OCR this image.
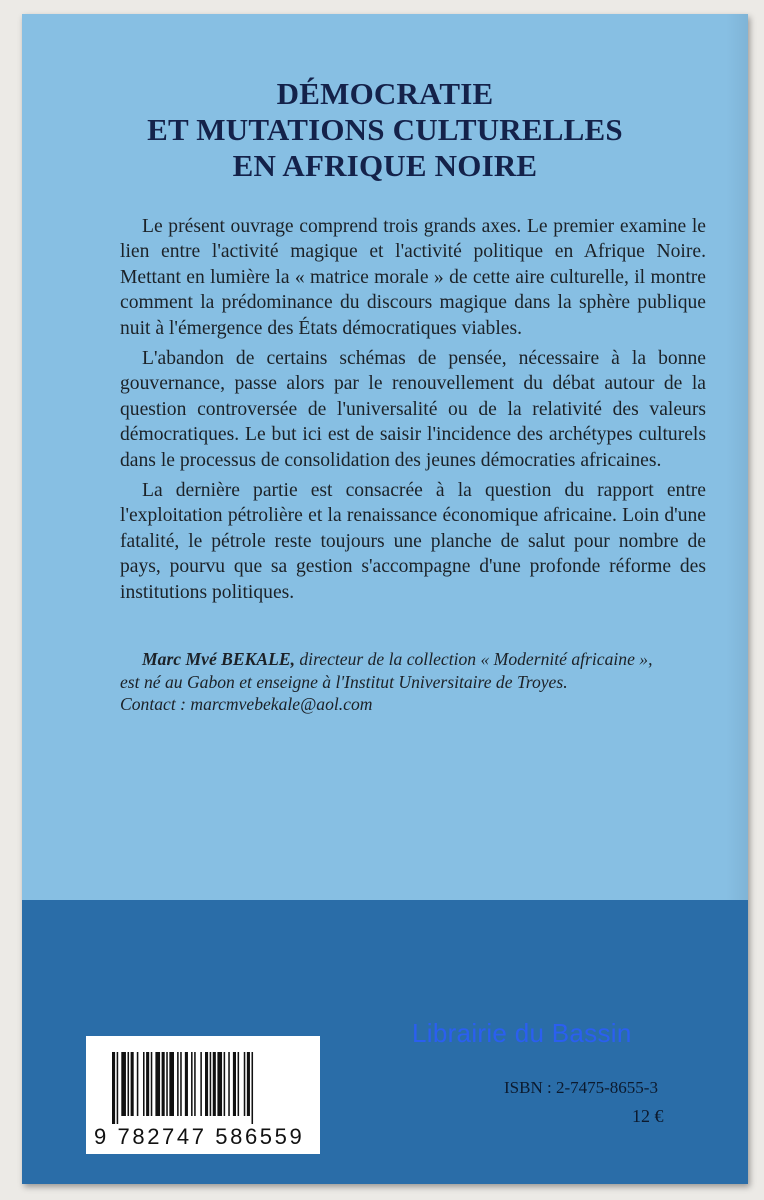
DÉMOCRATIE
ET MUTATIONS CULTURELLES
EN AFRIQUE NOIRE

Le présent ouvrage comprend trois grands axes. Le premier examine le lien entre l'activité magique et l'activité politique en Afrique Noire. Mettant en lumière la « matrice morale » de cette aire culturelle, il montre comment la prédominance du discours magique dans la sphère publique nuit à l'émergence des États démocratiques viables.

L'abandon de certains schémas de pensée, nécessaire à la bonne gouvernance, passe alors par le renouvellement du débat autour de la question controversée de l'universalité ou de la relativité des valeurs démocratiques. Le but ici est de saisir l'incidence des archétypes culturels dans le processus de consolidation des jeunes démocraties africaines.

La dernière partie est consacrée à la question du rapport entre l'exploitation pétrolière et la renaissance économique africaine. Loin d'une fatalité, le pétrole reste toujours une planche de salut pour nombre de pays, pourvu que sa gestion s'accompagne d'une profonde réforme des institutions politiques.

Marc Mvé BEKALE, directeur de la collection « Modernité africaine »,
est né au Gabon et enseigne à l'Institut Universitaire de Troyes.
Contact : marcmvebekale@aol.com
Librairie du Bassin
9 782747 586559
ISBN : 2-7475-8655-3
12 €
